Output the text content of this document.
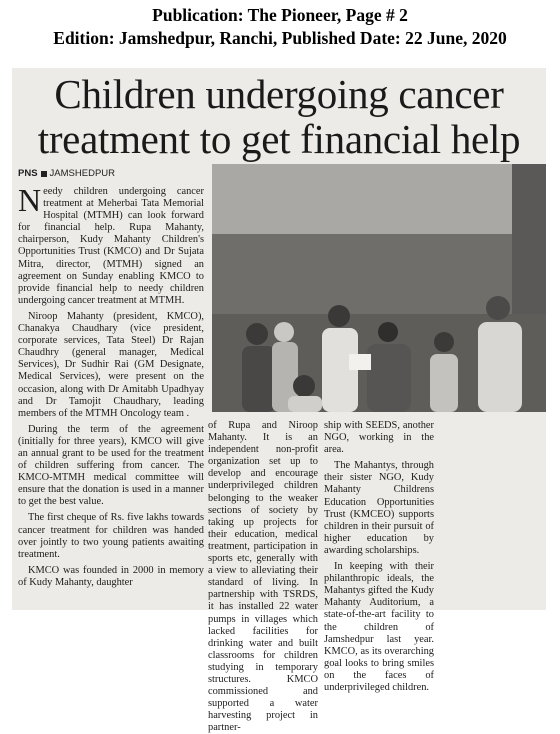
Publication: The Pioneer, Page # 2
Edition: Jamshedpur, Ranchi, Published Date: 22 June, 2020
Children undergoing cancer
treatment to get financial help
PNS JAMSHEDPUR

Needy children undergoing cancer treatment at Meherbai Tata Memorial Hospital (MTMH) can look forward for financial help. Rupa Mahanty, chairperson, Kudy Mahanty Children's Opportunities Trust (KMCO) and Dr Sujata Mitra, director, (MTMH) signed an agreement on Sunday enabling KMCO to provide financial help to needy children undergoing cancer treatment at MTMH.

Niroop Mahanty (president, KMCO), Chanakya Chaudhary (vice president, corporate services, Tata Steel) Dr Rajan Chaudhry (general manager, Medical Services), Dr Sudhir Rai (GM Designate, Medical Services), were present on the occasion, along with Dr Amitabh Upadhyay and Dr Tamojit Chaudhary, leading members of the MTMH Oncology team .

During the term of the agreement (initially for three years), KMCO will give an annual grant to be used for the treatment of children suffering from cancer. The KMCO-MTMH medical committee will ensure that the donation is used in a manner to get the best value.

The first cheque of Rs. five lakhs towards cancer treatment for children was handed over jointly to two young patients awaiting treatment.

KMCO was founded in 2000 in memory of Kudy Mahanty, daughter

of Rupa and Niroop Mahanty. It is an independent non-profit organization set up to develop and encourage underprivileged children belonging to the weaker sections of society by taking up projects for their education, medical treatment, participation in sports etc, generally with a view to alleviating their standard of living. In partnership with TSRDS, it has installed 22 water pumps in villages which lacked facilities for drinking water and built classrooms for children studying in temporary structures. KMCO commissioned and supported a water harvesting project in partner-

ship with SEEDS, another NGO, working in the area.

The Mahantys, through their sister NGO, Kudy Mahanty Childrens Education Opportunities Trust (KMCEO) supports children in their pursuit of higher education by awarding scholarships.

In keeping with their philanthropic ideals, the Mahantys gifted the Kudy Mahanty Auditorium, a state-of-the-art facility to the children of Jamshedpur last year. KMCO, as its overarching goal looks to bring smiles on the faces of underprivileged children.
